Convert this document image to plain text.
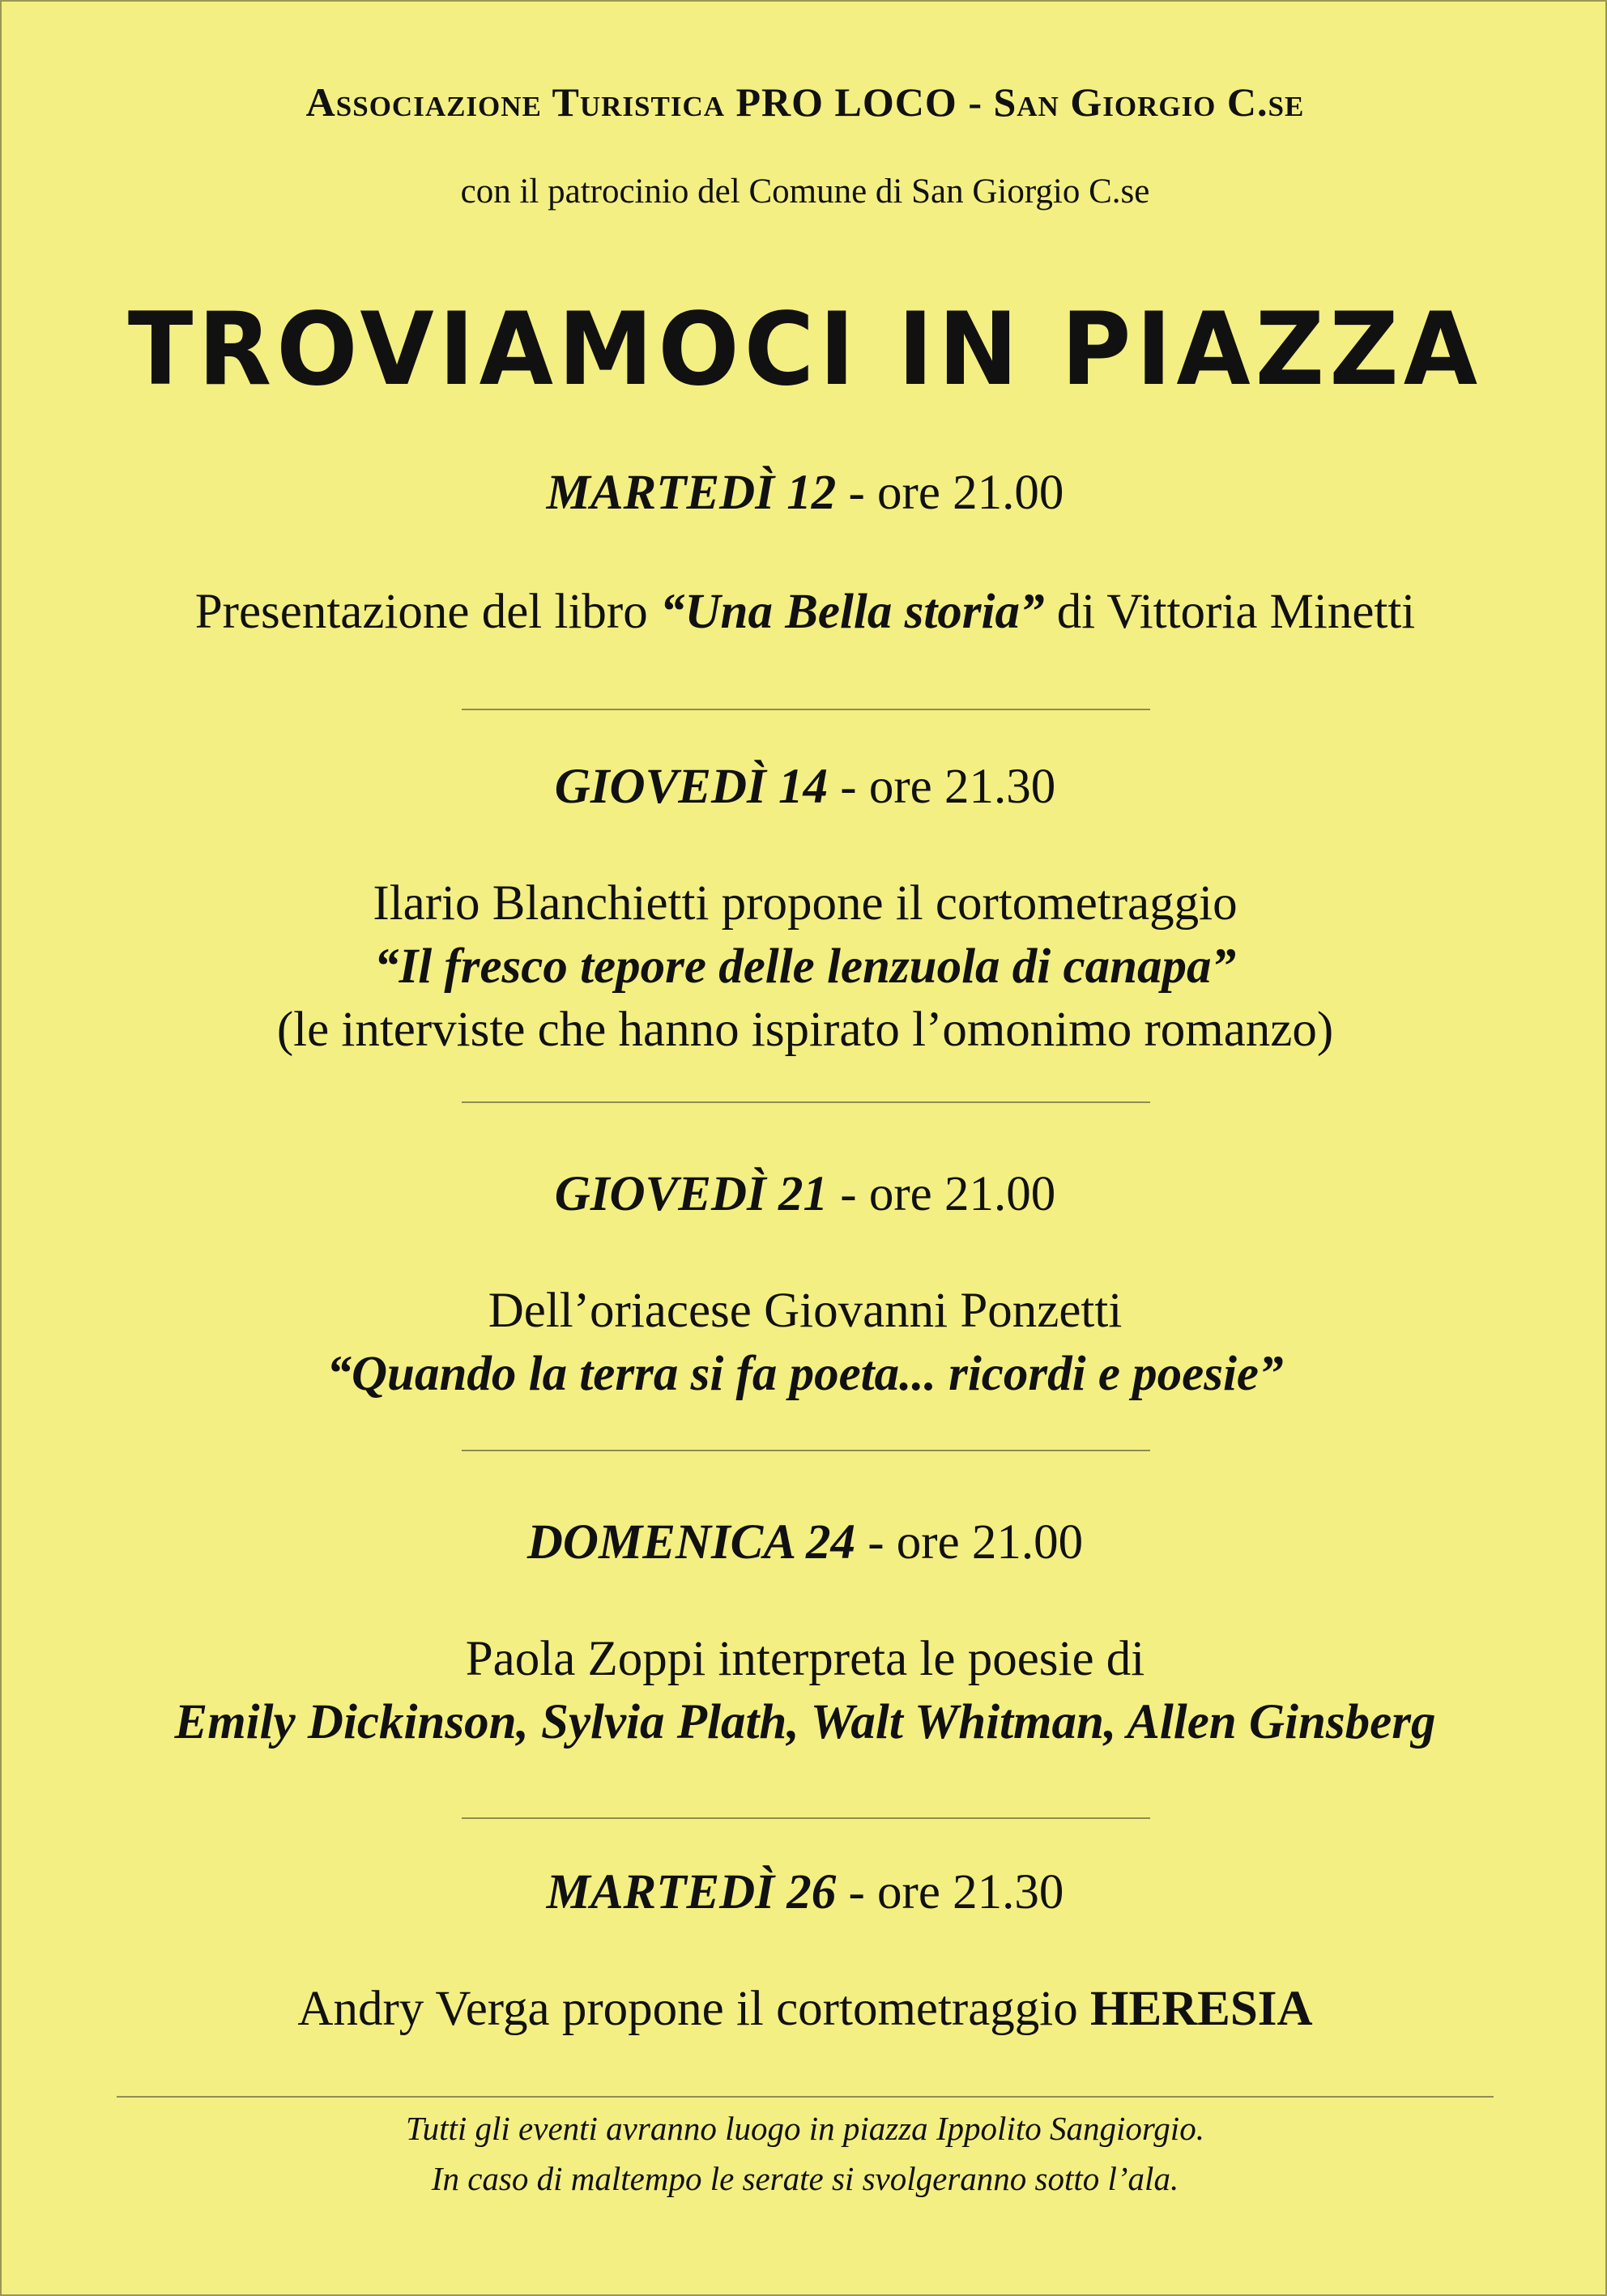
Associazione Turistica PRO LOCO - San Giorgio C.se
con il patrocinio del Comune di San Giorgio C.se
TROVIAMOCI IN PIAZZA
MARTEDÌ 12 - ore 21.00
Presentazione del libro “Una Bella storia” di Vittoria Minetti
GIOVEDÌ 14 - ore 21.30
Ilario Blanchietti propone il cortometraggio
“Il fresco tepore delle lenzuola di canapa”
(le interviste che hanno ispirato l’omonimo romanzo)
GIOVEDÌ 21 - ore 21.00
Dell’oriacese Giovanni Ponzetti
“Quando la terra si fa poeta... ricordi e poesie”
DOMENICA 24 - ore 21.00
Paola Zoppi interpreta le poesie di
Emily Dickinson, Sylvia Plath, Walt Whitman, Allen Ginsberg
MARTEDÌ 26 - ore 21.30
Andry Verga propone il cortometraggio HERESIA
Tutti gli eventi avranno luogo in piazza Ippolito Sangiorgio.
In caso di maltempo le serate si svolgeranno sotto l’ala.
